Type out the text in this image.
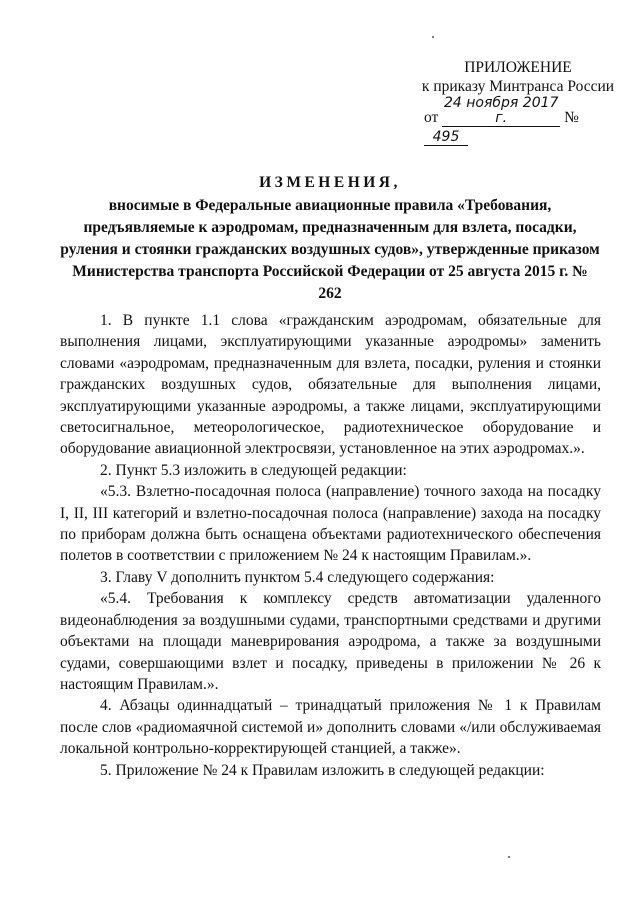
ПРИЛОЖЕНИЕ
к приказу Минтранса России
от 24 ноября 2017 г.	№ 495
ИЗМЕНЕНИЯ,
вносимые в Федеральные авиационные правила «Требования, предъявляемые к аэродромам, предназначенным для взлета, посадки, руления и стоянки гражданских воздушных судов», утвержденные приказом Министерства транспорта Российской Федерации от 25 августа 2015 г. № 262

1. В пункте 1.1 слова «гражданским аэродромам, обязательные для выполнения лицами, эксплуатирующими указанные аэродромы» заменить словами «аэродромам, предназначенным для взлета, посадки, руления и стоянки гражданских воздушных судов, обязательные для выполнения лицами, эксплуатирующими указанные аэродромы, а также лицами, эксплуатирующими светосигнальное, метеорологическое, радиотехническое оборудование и оборудование авиационной электросвязи, установленное на этих аэродромах.».

2. Пункт 5.3 изложить в следующей редакции:

«5.3. Взлетно-посадочная полоса (направление) точного захода на посадку I, II, III категорий и взлетно-посадочная полоса (направление) захода на посадку по приборам должна быть оснащена объектами радиотехнического обеспечения полетов в соответствии с приложением № 24 к настоящим Правилам.».

3. Главу V дополнить пунктом 5.4 следующего содержания:

«5.4. Требования к комплексу средств автоматизации удаленного видеонаблюдения за воздушными судами, транспортными средствами и другими объектами на площади маневрирования аэродрома, а также за воздушными судами, совершающими взлет и посадку, приведены в приложении № 26 к настоящим Правилам.».

4. Абзацы одиннадцатый – тринадцатый приложения № 1 к Правилам после слов «радиомаячной системой и» дополнить словами «/или обслуживаемая локальной контрольно-корректирующей станцией, а также».

5. Приложение № 24 к Правилам изложить в следующей редакции:
